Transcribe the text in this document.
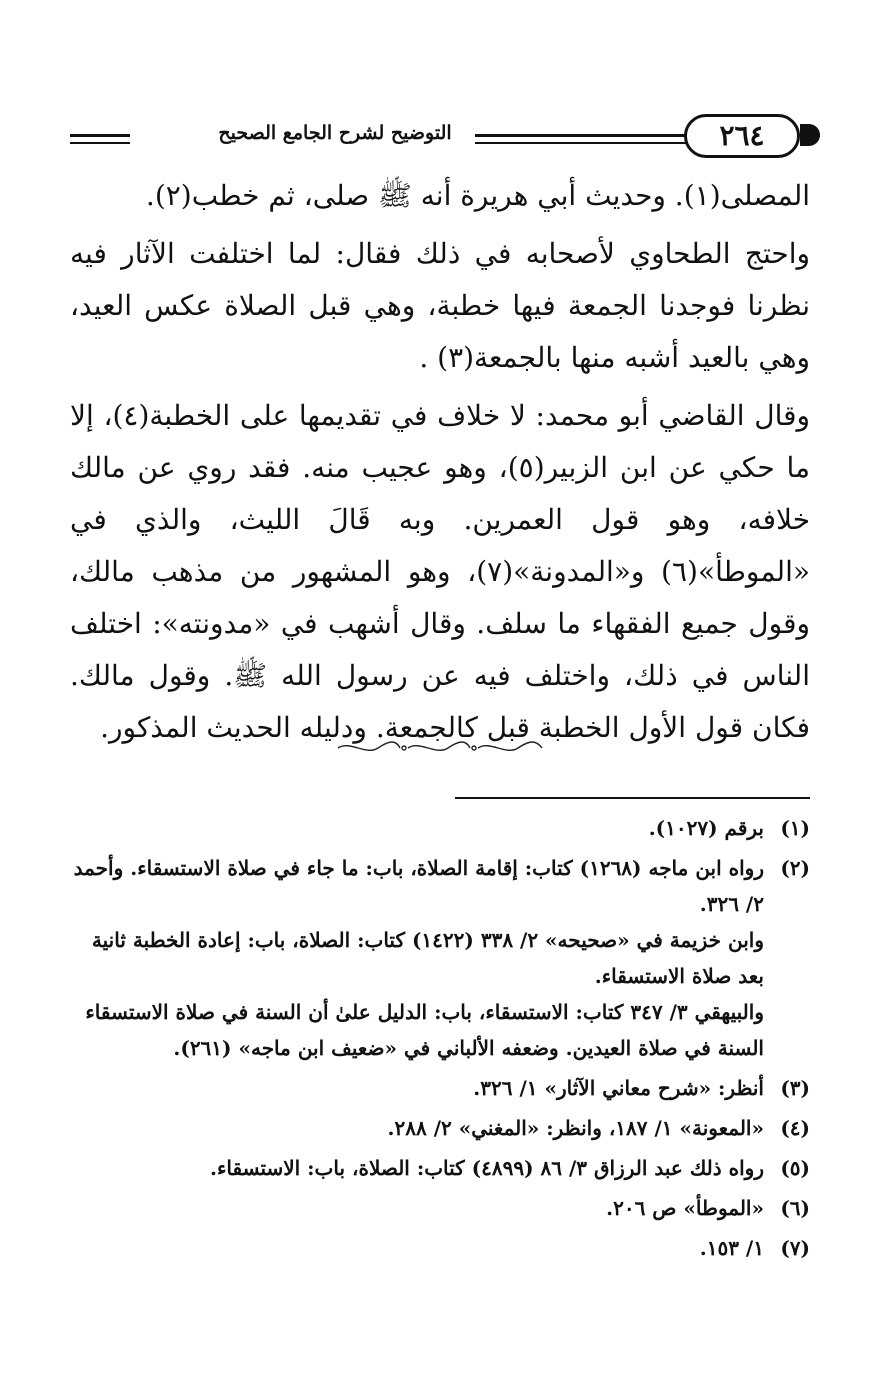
التوضيح لشرح الجامع الصحيح	٢٦٤

المصلى(١). وحديث أبي هريرة أنه ﷺ صلى، ثم خطب(٢).

واحتج الطحاوي لأصحابه في ذلك فقال: لما اختلفت الآثار فيه نظرنا فوجدنا الجمعة فيها خطبة، وهي قبل الصلاة عكس العيد، وهي بالعيد أشبه منها بالجمعة(٣) .

وقال القاضي أبو محمد: لا خلاف في تقديمها على الخطبة(٤)، إلا ما حكي عن ابن الزبير(٥)، وهو عجيب منه. فقد روي عن مالك خلافه، وهو قول العمرين. وبه قَالَ الليث، والذي في «الموطأ»(٦) و«المدونة»(٧)، وهو المشهور من مذهب مالك، وقول جميع الفقهاء ما سلف. وقال أشهب في «مدونته»: اختلف الناس في ذلك، واختلف فيه عن رسول الله ﷺ. وقول مالك. فكان قول الأول الخطبة قبل كالجمعة. ودليله الحديث المذكور.

(١)
برقم (١٠٢٧).
(٢)
رواه ابن ماجه (١٢٦٨) كتاب: إقامة الصلاة، باب: ما جاء في صلاة الاستسقاء. وأحمد ٢/ ٣٢٦.
وابن خزيمة في «صحيحه» ٢/ ٣٣٨ (١٤٢٢) كتاب: الصلاة، باب: إعادة الخطبة ثانية بعد صلاة الاستسقاء.
والبيهقي ٣/ ٣٤٧ كتاب: الاستسقاء، باب: الدليل علىٰ أن السنة في صلاة الاستسقاء السنة في صلاة العيدين. وضعفه الألباني في «ضعيف ابن ماجه» (٢٦١).
(٣)
أنظر: «شرح معاني الآثار» ١/ ٣٢٦.
(٤)
«المعونة» ١/ ١٨٧، وانظر: «المغني» ٢/ ٢٨٨.
(٥)
رواه ذلك عبد الرزاق ٣/ ٨٦ (٤٨٩٩) كتاب: الصلاة، باب: الاستسقاء.
(٦)
«الموطأ» ص ٢٠٦.
(٧)
١/ ١٥٣.
